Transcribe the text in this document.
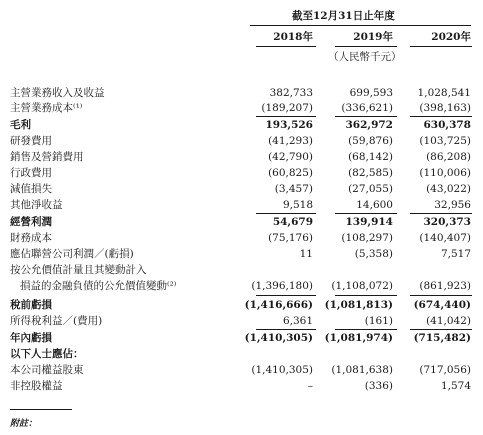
截至12月31日止年度
2018年	2019年	2020年
（人民幣千元）
主營業務收入及收益	382,733	699,593 1,028,541
主營業務成本⁽¹⁾	(189,207)	(336,621)	(398,163)
毛利	193,526	362,972	630,378
研發費用	(41,293)	(59,876)	(103,725)
銷售及營銷費用	(42,790)	(68,142)	(86,208)
行政費用	(60,825)	(82,585)	(110,006)
減值損失	(3,457)	(27,055)	(43,022)
其他淨收益	9,518	14,600	32,956
經營利潤	54,679	139,914	320,373
財務成本	(75,176)	(108,297)	(140,407)
應佔聯營公司利潤／(虧損)	11	(5,358)	7,517
按公允價值計量且其變動計入
損益的金融負債的公允價值變動⁽²⁾	(1,396,180) (1,108,072)	(861,923)
稅前虧損	(1,416,666) (1,081,813) (674,440)
所得稅利益／(費用)	6,361	(161)	(41,042)
年內虧損	(1,410,305) (1,081,974) (715,482)
以下人士應佔：
本公司權益股東	(1,410,305) (1,081,638)	(717,056)
非控股權益	–	(336)	1,574
附註：
